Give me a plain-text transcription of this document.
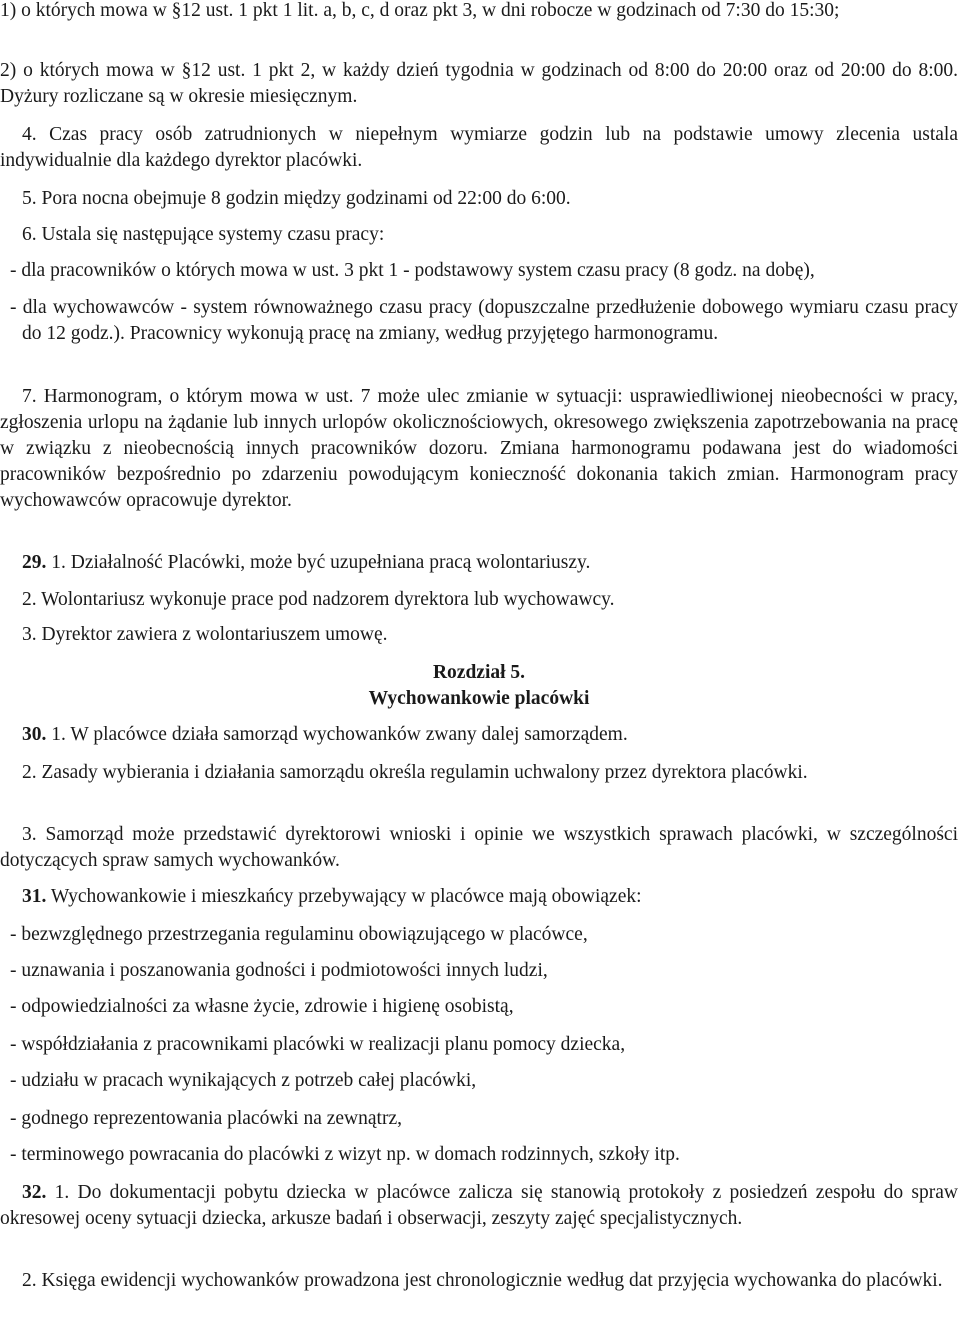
1) o których mowa w §12 ust. 1 pkt 1 lit. a, b, c, d oraz pkt 3, w dni robocze w godzinach od 7:30 do 15:30;

2) o których mowa w §12 ust. 1 pkt 2, w każdy dzień tygodnia w godzinach od 8:00 do 20:00 oraz od 20:00 do 8:00. Dyżury rozliczane są w okresie miesięcznym.

4. Czas pracy osób zatrudnionych w niepełnym wymiarze godzin lub na podstawie umowy zlecenia ustala indywidualnie dla każdego dyrektor placówki.

5. Pora nocna obejmuje 8 godzin między godzinami od 22:00 do 6:00.

6. Ustala się następujące systemy czasu pracy:

- dla pracowników o których mowa w ust. 3 pkt 1 - podstawowy system czasu pracy (8 godz. na dobę),

- dla wychowawców - system równoważnego czasu pracy (dopuszczalne przedłużenie dobowego wymiaru czasu pracy do 12 godz.). Pracownicy wykonują pracę na zmiany, według przyjętego harmonogramu.

7. Harmonogram, o którym mowa w ust. 7 może ulec zmianie w sytuacji: usprawiedliwionej nieobecności w pracy, zgłoszenia urlopu na żądanie lub innych urlopów okolicznościowych, okresowego zwiększenia zapotrzebowania na pracę w związku z nieobecnością innych pracowników dozoru. Zmiana harmonogramu podawana jest do wiadomości pracowników bezpośrednio po zdarzeniu powodującym konieczność dokonania takich zmian. Harmonogram pracy wychowawców opracowuje dyrektor.

29. 1. Działalność Placówki, może być uzupełniana pracą wolontariuszy.

2. Wolontariusz wykonuje prace pod nadzorem dyrektora lub wychowawcy.

3. Dyrektor zawiera z wolontariuszem umowę.

Rozdział 5.

Wychowankowie placówki

30. 1. W placówce działa samorząd wychowanków zwany dalej samorządem.

2. Zasady wybierania i działania samorządu określa regulamin uchwalony przez dyrektora placówki.

3. Samorząd może przedstawić dyrektorowi wnioski i opinie we wszystkich sprawach placówki, w szczególności dotyczących spraw samych wychowanków.

31. Wychowankowie i mieszkańcy przebywający w placówce mają obowiązek:

- bezwzględnego przestrzegania regulaminu obowiązującego w placówce,

- uznawania i poszanowania godności i podmiotowości innych ludzi,

- odpowiedzialności za własne życie, zdrowie i higienę osobistą,

- współdziałania z pracownikami placówki w realizacji planu pomocy dziecka,

- udziału w pracach wynikających z potrzeb całej placówki,

- godnego reprezentowania placówki na zewnątrz,

- terminowego powracania do placówki z wizyt np. w domach rodzinnych, szkoły itp.

32. 1. Do dokumentacji pobytu dziecka w placówce zalicza się stanowią protokoły z posiedzeń zespołu do spraw okresowej oceny sytuacji dziecka, arkusze badań i obserwacji, zeszyty zajęć specjalistycznych.

2. Księga ewidencji wychowanków prowadzona jest chronologicznie według dat przyjęcia wychowanka do placówki.
